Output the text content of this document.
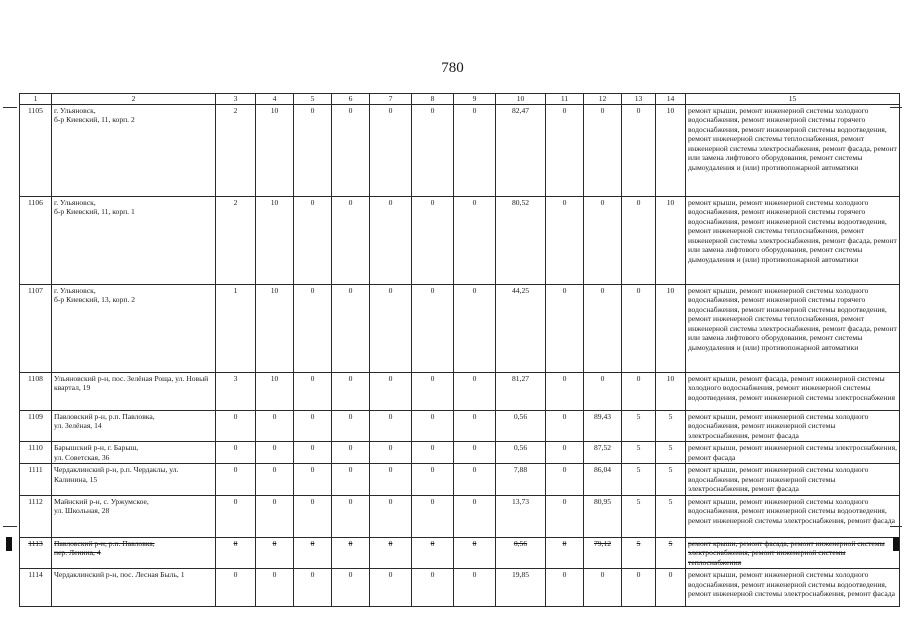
780
1	2	3	4	5	6	7	8	9	10	11	12	13	14	15
1105	г. Ульяновск,
б-р Киевский, 11, корп. 2	2	10	0	0	0	0	0	82,47	0	0	0	10	ремонт крыши, ремонт инженерной системы холодного водоснабжения, ремонт инженерной системы горячего водоснабжения, ремонт инженерной системы водоотведения, ремонт инженерной системы теплоснабжения, ремонт инженерной системы электроснабжения, ремонт фасада, ремонт или замена лифтового оборудования, ремонт системы дымоудаления и (или) противопожарной автоматики
1106	г. Ульяновск,
б-р Киевский, 11, корп. 1	2	10	0	0	0	0	0	80,52	0	0	0	10	ремонт крыши, ремонт инженерной системы холодного водоснабжения, ремонт инженерной системы горячего водоснабжения, ремонт инженерной системы водоотведения, ремонт инженерной системы теплоснабжения, ремонт инженерной системы электроснабжения, ремонт фасада, ремонт или замена лифтового оборудования, ремонт системы дымоудаления и (или) противопожарной автоматики
1107	г. Ульяновск,
б-р Киевский, 13, корп. 2	1	10	0	0	0	0	0	44,25	0	0	0	10	ремонт крыши, ремонт инженерной системы холодного водоснабжения, ремонт инженерной системы горячего водоснабжения, ремонт инженерной системы водоотведения, ремонт инженерной системы теплоснабжения, ремонт инженерной системы электроснабжения, ремонт фасада, ремонт или замена лифтового оборудования, ремонт системы дымоудаления и (или) противопожарной автоматики
1108	Ульяновский р-н, пос. Зелёная Роща, ул. Новый квартал, 19	3	10	0	0	0	0	0	81,27	0	0	0	10	ремонт крыши, ремонт фасада, ремонт инженерной системы холодного водоснабжения, ремонт инженерной системы водоотведения, ремонт инженерной системы электроснабжения
1109	Павловский р-н, р.п. Павловка,
ул. Зелёная, 14	0	0	0	0	0	0	0	0,56	0	89,43	5	5	ремонт крыши, ремонт инженерной системы холодного водоснабжения, ремонт инженерной системы электроснабжения, ремонт фасада
1110	Барышский р-н, г. Барыш,
ул. Советская, 36	0	0	0	0	0	0	0	0,56	0	87,52	5	5	ремонт крыши, ремонт инженерной системы электроснабжения, ремонт фасада
1111	Чердаклинский р-н, р.п. Чердаклы, ул. Калинина, 15	0	0	0	0	0	0	0	7,88	0	86,04	5	5	ремонт крыши, ремонт инженерной системы холодного водоснабжения, ремонт инженерной системы электроснабжения, ремонт фасада
1112	Майнский р-н, с. Уржумское,
ул. Школьная, 28	0	0	0	0	0	0	0	13,73	0	80,95	5	5	ремонт крыши, ремонт инженерной системы холодного водоснабжения, ремонт инженерной системы водоотведения, ремонт инженерной системы электроснабжения, ремонт фасада
1113	Павловский р-н, р.п. Павловка,
пер. Ленина, 4	0	0	0	0	0	0	0	0,56	0	79,12	5	5	ремонт крыши, ремонт фасада, ремонт инженерной системы электроснабжения, ремонт инженерной системы теплоснабжения
1114	Чердаклинский р-н, пос. Лесная Быль, 1	0	0	0	0	0	0	0	19,85	0	0	0	0	ремонт крыши, ремонт инженерной системы холодного водоснабжения, ремонт инженерной системы водоотведения, ремонт инженерной системы электроснабжения, ремонт фасада
